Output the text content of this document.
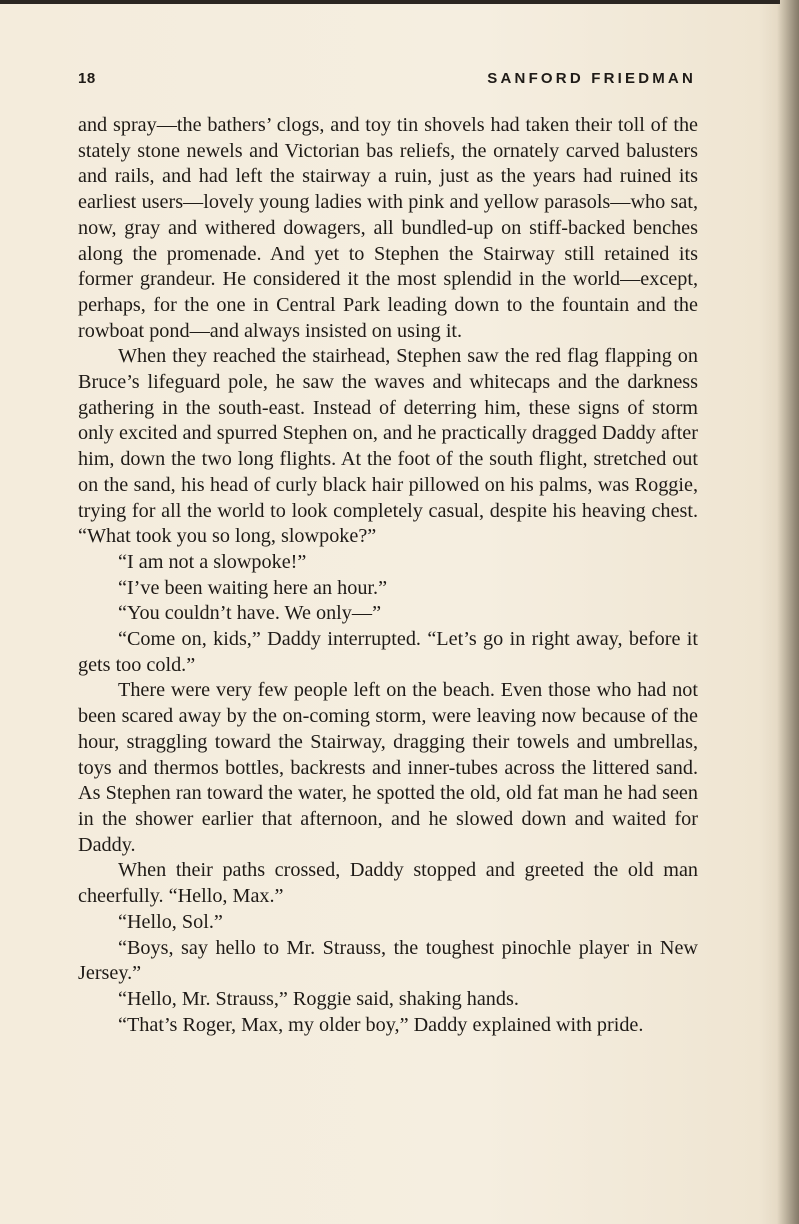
18	SANFORD FRIEDMAN

and spray—the bathers’ clogs, and toy tin shovels had taken their toll of the stately stone newels and Victorian bas reliefs, the ornately carved balusters and rails, and had left the stairway a ruin, just as the years had ruined its earliest users—lovely young ladies with pink and yellow parasols—who sat, now, gray and withered dowagers, all bundled-up on stiff-backed benches along the promenade. And yet to Stephen the Stairway still retained its former grandeur. He considered it the most splendid in the world—except, perhaps, for the one in Central Park leading down to the fountain and the rowboat pond—and always insisted on using it.

When they reached the stairhead, Stephen saw the red flag flapping on Bruce’s lifeguard pole, he saw the waves and whitecaps and the darkness gathering in the south-east. Instead of deterring him, these signs of storm only excited and spurred Stephen on, and he practically dragged Daddy after him, down the two long flights. At the foot of the south flight, stretched out on the sand, his head of curly black hair pillowed on his palms, was Roggie, trying for all the world to look completely casual, despite his heaving chest. “What took you so long, slowpoke?”

“I am not a slowpoke!”

“I’ve been waiting here an hour.”

“You couldn’t have. We only—”

“Come on, kids,” Daddy interrupted. “Let’s go in right away, before it gets too cold.”

There were very few people left on the beach. Even those who had not been scared away by the on-coming storm, were leaving now because of the hour, straggling toward the Stairway, dragging their towels and umbrellas, toys and thermos bottles, backrests and inner-tubes across the littered sand. As Stephen ran toward the water, he spotted the old, old fat man he had seen in the shower earlier that afternoon, and he slowed down and waited for Daddy.

When their paths crossed, Daddy stopped and greeted the old man cheerfully. “Hello, Max.”

“Hello, Sol.”

“Boys, say hello to Mr. Strauss, the toughest pinochle player in New Jersey.”

“Hello, Mr. Strauss,” Roggie said, shaking hands.

“That’s Roger, Max, my older boy,” Daddy explained with pride.
